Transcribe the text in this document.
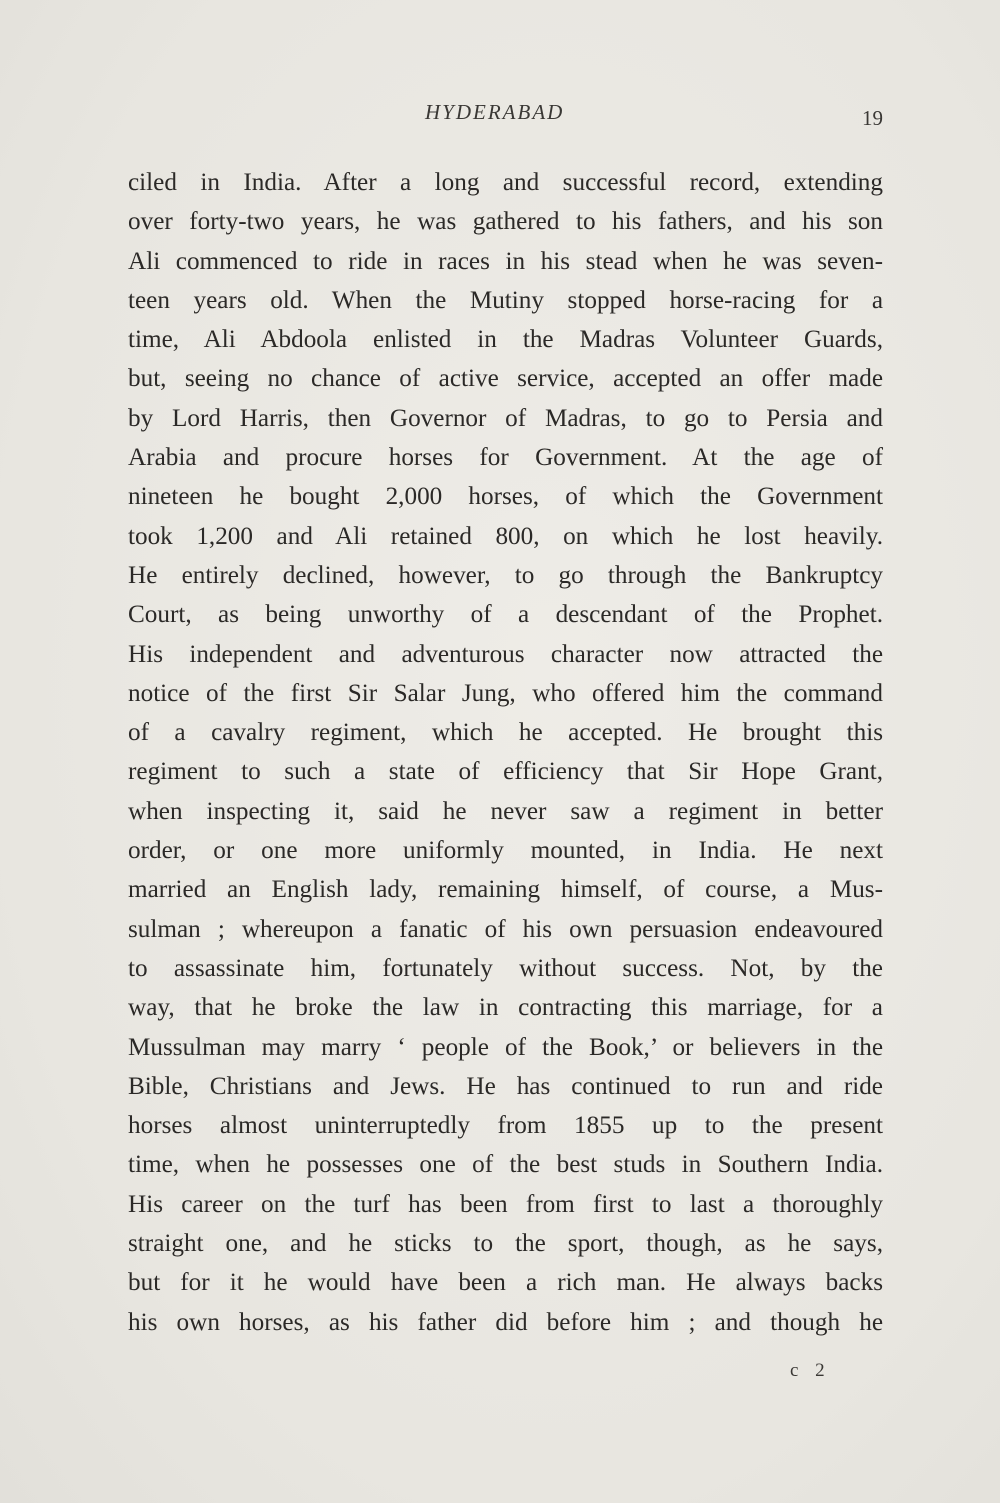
HYDERABAD	19
ciled in India. After a long and successful record, extending
over forty-two years, he was gathered to his fathers, and his son
Ali commenced to ride in races in his stead when he was seven-
teen years old. When the Mutiny stopped horse-racing for a
time, Ali Abdoola enlisted in the Madras Volunteer Guards,
but, seeing no chance of active service, accepted an offer made
by Lord Harris, then Governor of Madras, to go to Persia and
Arabia and procure horses for Government. At the age of
nineteen he bought 2,000 horses, of which the Government
took 1,200 and Ali retained 800, on which he lost heavily.
He entirely declined, however, to go through the Bankruptcy
Court, as being unworthy of a descendant of the Prophet.
His independent and adventurous character now attracted the
notice of the first Sir Salar Jung, who offered him the command
of a cavalry regiment, which he accepted. He brought this
regiment to such a state of efficiency that Sir Hope Grant,
when inspecting it, said he never saw a regiment in better
order, or one more uniformly mounted, in India. He next
married an English lady, remaining himself, of course, a Mus-
sulman ; whereupon a fanatic of his own persuasion endeavoured
to assassinate him, fortunately without success. Not, by the
way, that he broke the law in contracting this marriage, for a
Mussulman may marry ‘ people of the Book,’ or believers in the
Bible, Christians and Jews. He has continued to run and ride
horses almost uninterruptedly from 1855 up to the present
time, when he possesses one of the best studs in Southern India.
His career on the turf has been from first to last a thoroughly
straight one, and he sticks to the sport, though, as he says,
but for it he would have been a rich man. He always backs
his own horses, as his father did before him ; and though he
c 2
